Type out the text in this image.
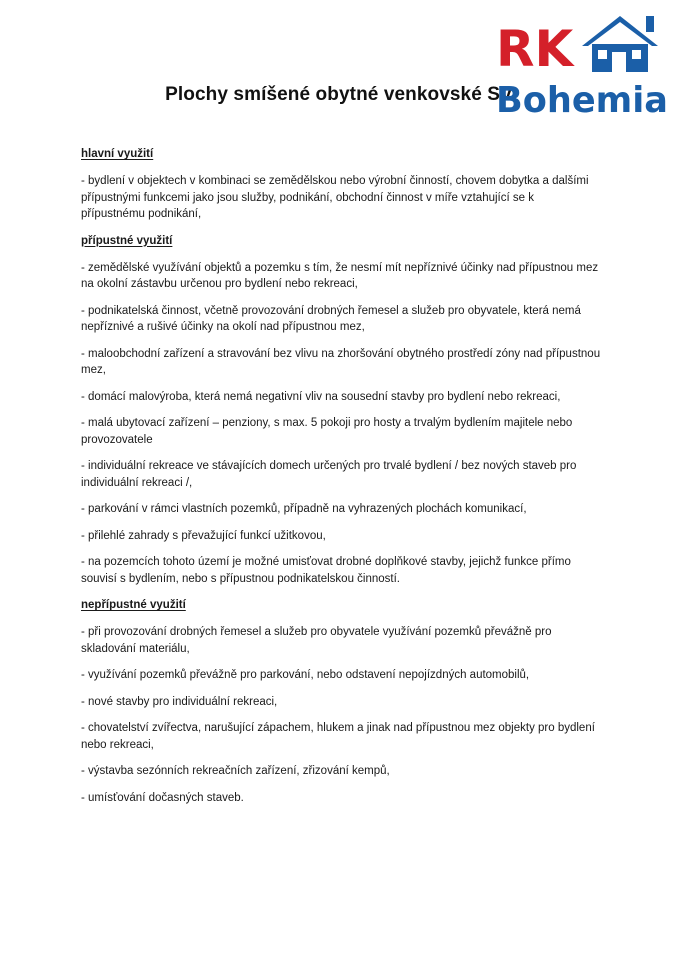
Plochy smíšené obytné venkovské SV
RK
Bohemia

hlavní využití

- bydlení v objektech v kombinaci se zemědělskou nebo výrobní činností, chovem dobytka a dalšími přípustnými funkcemi jako jsou služby, podnikání, obchodní činnost v míře vztahující se k přípustnému podnikání,

přípustné využití

- zemědělské využívání objektů a pozemku s tím, že nesmí mít nepříznivé účinky nad přípustnou mez na okolní zástavbu určenou pro bydlení nebo rekreaci,

- podnikatelská činnost, včetně provozování drobných řemesel a služeb pro obyvatele, která nemá nepříznivé a rušivé účinky na okolí nad přípustnou mez,

- maloobchodní zařízení a stravování bez vlivu na zhoršování obytného prostředí zóny nad přípustnou mez,

- domácí malovýroba, která nemá negativní vliv na sousední stavby pro bydlení nebo rekreaci,

- malá ubytovací zařízení – penziony, s max. 5 pokoji pro hosty a trvalým bydlením majitele nebo provozovatele

- individuální rekreace ve stávajících domech určených pro trvalé bydlení / bez nových staveb pro individuální rekreaci /,

- parkování v rámci vlastních pozemků, případně na vyhrazených plochách komunikací,

- přilehlé zahrady s převažující funkcí užitkovou,

- na pozemcích tohoto území je možné umisťovat drobné doplňkové stavby, jejichž funkce přímo souvisí s bydlením, nebo s přípustnou podnikatelskou činností.

nepřípustné využití

- při provozování drobných řemesel a služeb pro obyvatele využívání pozemků převážně pro skladování materiálu,

- využívání pozemků převážně pro parkování, nebo odstavení nepojízdných automobilů,

- nové stavby pro individuální rekreaci,

- chovatelství zvířectva, narušující zápachem, hlukem a jinak nad přípustnou mez objekty pro bydlení nebo rekreaci,

- výstavba sezónních rekreačních zařízení, zřizování kempů,

- umísťování dočasných staveb.
